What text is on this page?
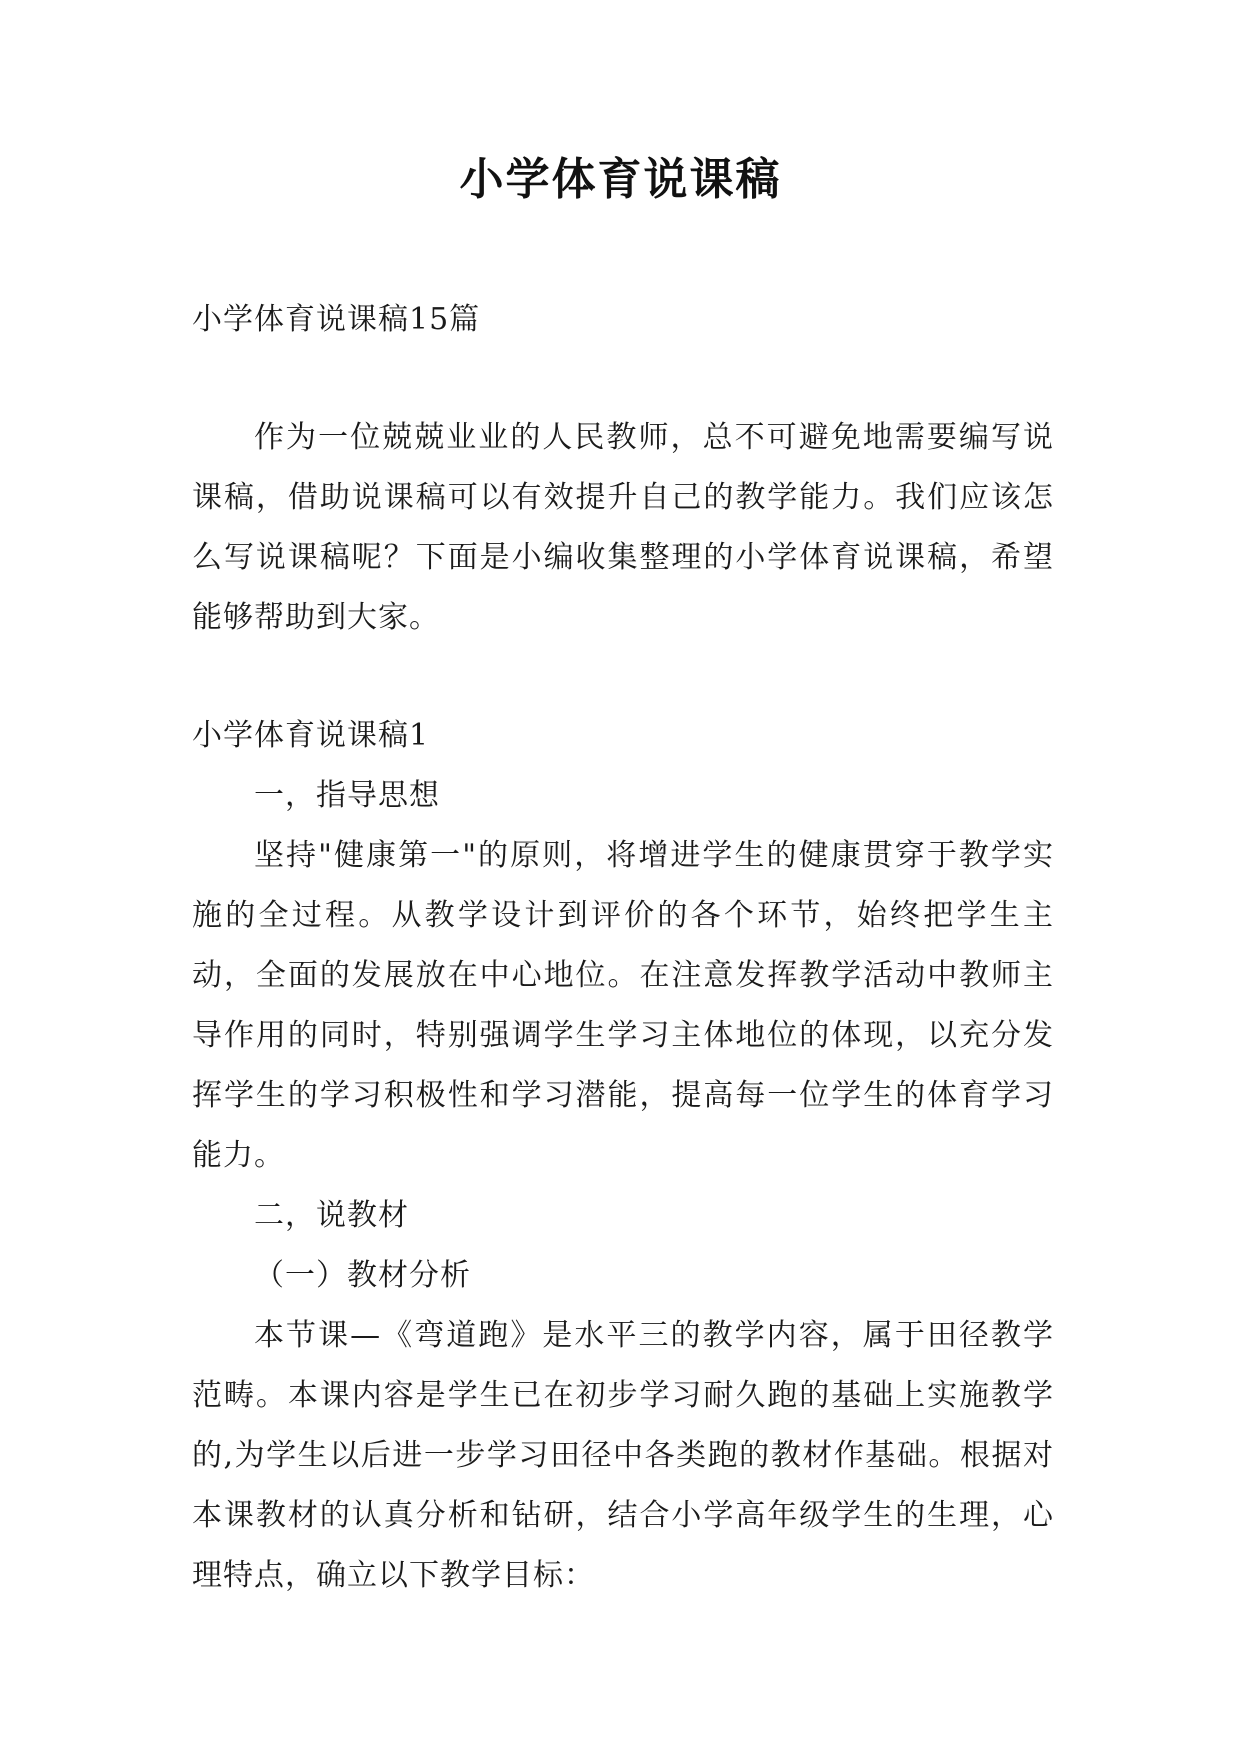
小学体育说课稿

小学体育说课稿15篇

作为一位兢兢业业的人民教师，总不可避免地需要编写说课稿，借助说课稿可以有效提升自己的教学能力。我们应该怎么写说课稿呢？下面是小编收集整理的小学体育说课稿，希望能够帮助到大家。

小学体育说课稿1

一，指导思想

坚持"健康第一"的原则，将增进学生的健康贯穿于教学实施的全过程。从教学设计到评价的各个环节，始终把学生主动，全面的发展放在中心地位。在注意发挥教学活动中教师主导作用的同时，特别强调学生学习主体地位的体现，以充分发挥学生的学习积极性和学习潜能，提高每一位学生的体育学习能力。

二，说教材

（一）教材分析

本节课—《弯道跑》是水平三的教学内容，属于田径教学范畴。本课内容是学生已在初步学习耐久跑的基础上实施教学的,为学生以后进一步学习田径中各类跑的教材作基础。根据对本课教材的认真分析和钻研，结合小学高年级学生的生理，心理特点，确立以下教学目标：
